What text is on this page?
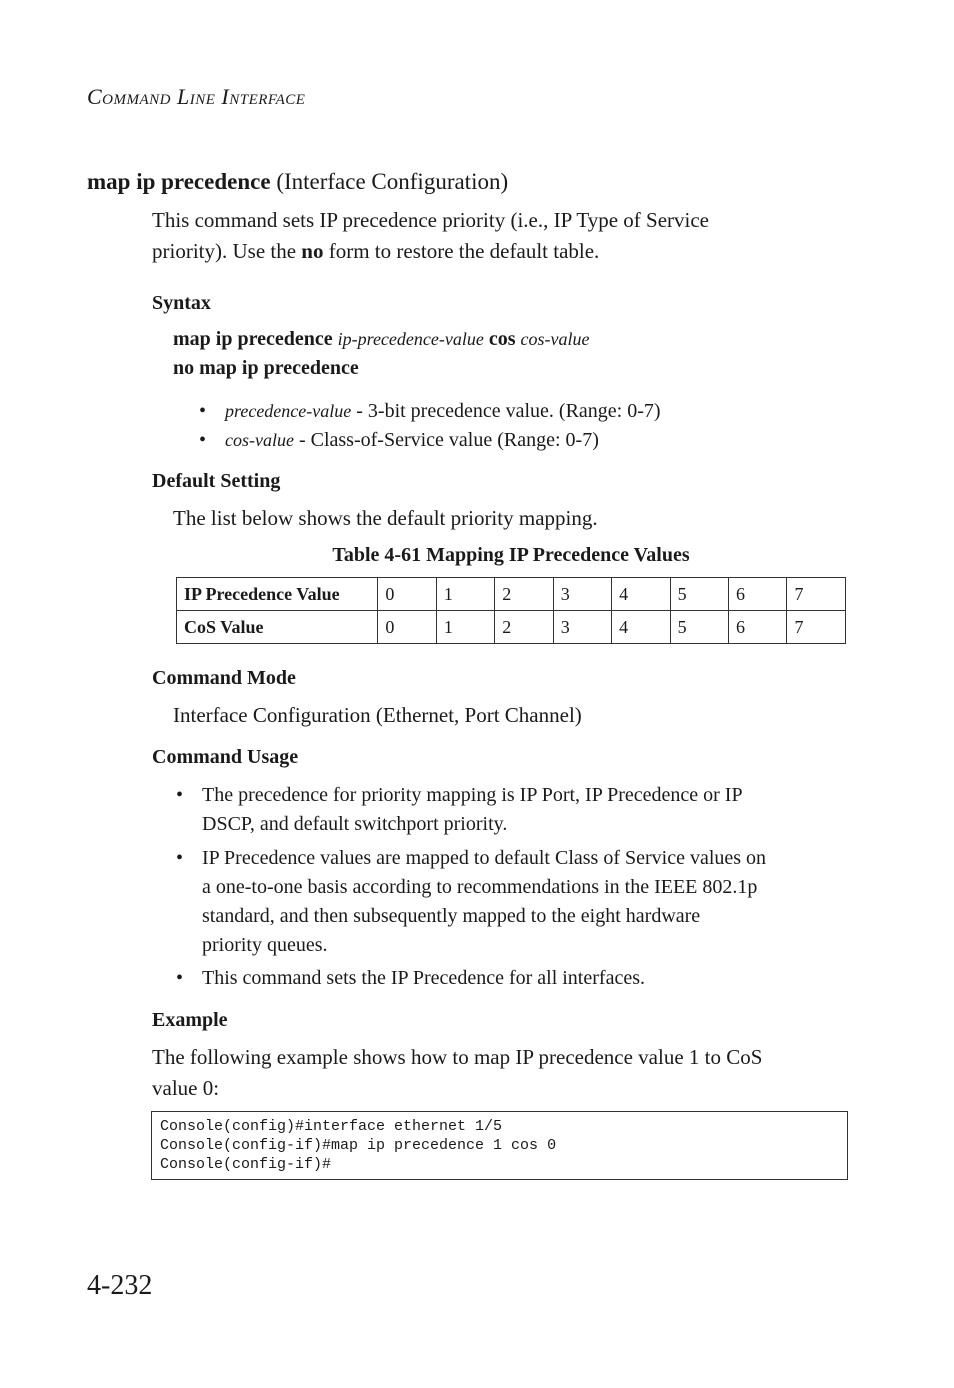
Command Line Interface
map ip precedence (Interface Configuration)
This command sets IP precedence priority (i.e., IP Type of Service
priority). Use the no form to restore the default table.
Syntax
map ip precedence ip-precedence-value cos cos-value
no map ip precedence
• precedence-value - 3-bit precedence value. (Range: 0-7)
• cos-value - Class-of-Service value (Range: 0-7)
Default Setting
The list below shows the default priority mapping.
Table 4-61 Mapping IP Precedence Values
IP Precedence Value	0	1	2	3	4	5	6	7
CoS Value	0	1	2	3	4	5	6	7
Command Mode
Interface Configuration (Ethernet, Port Channel)
Command Usage
• The precedence for priority mapping is IP Port, IP Precedence or IP
DSCP, and default switchport priority.
• IP Precedence values are mapped to default Class of Service values on
a one-to-one basis according to recommendations in the IEEE 802.1p
standard, and then subsequently mapped to the eight hardware
priority queues.
• This command sets the IP Precedence for all interfaces.
Example
The following example shows how to map IP precedence value 1 to CoS
value 0:
Console(config)#interface ethernet 1/5
Console(config-if)#map ip precedence 1 cos 0
Console(config-if)#
4-232
